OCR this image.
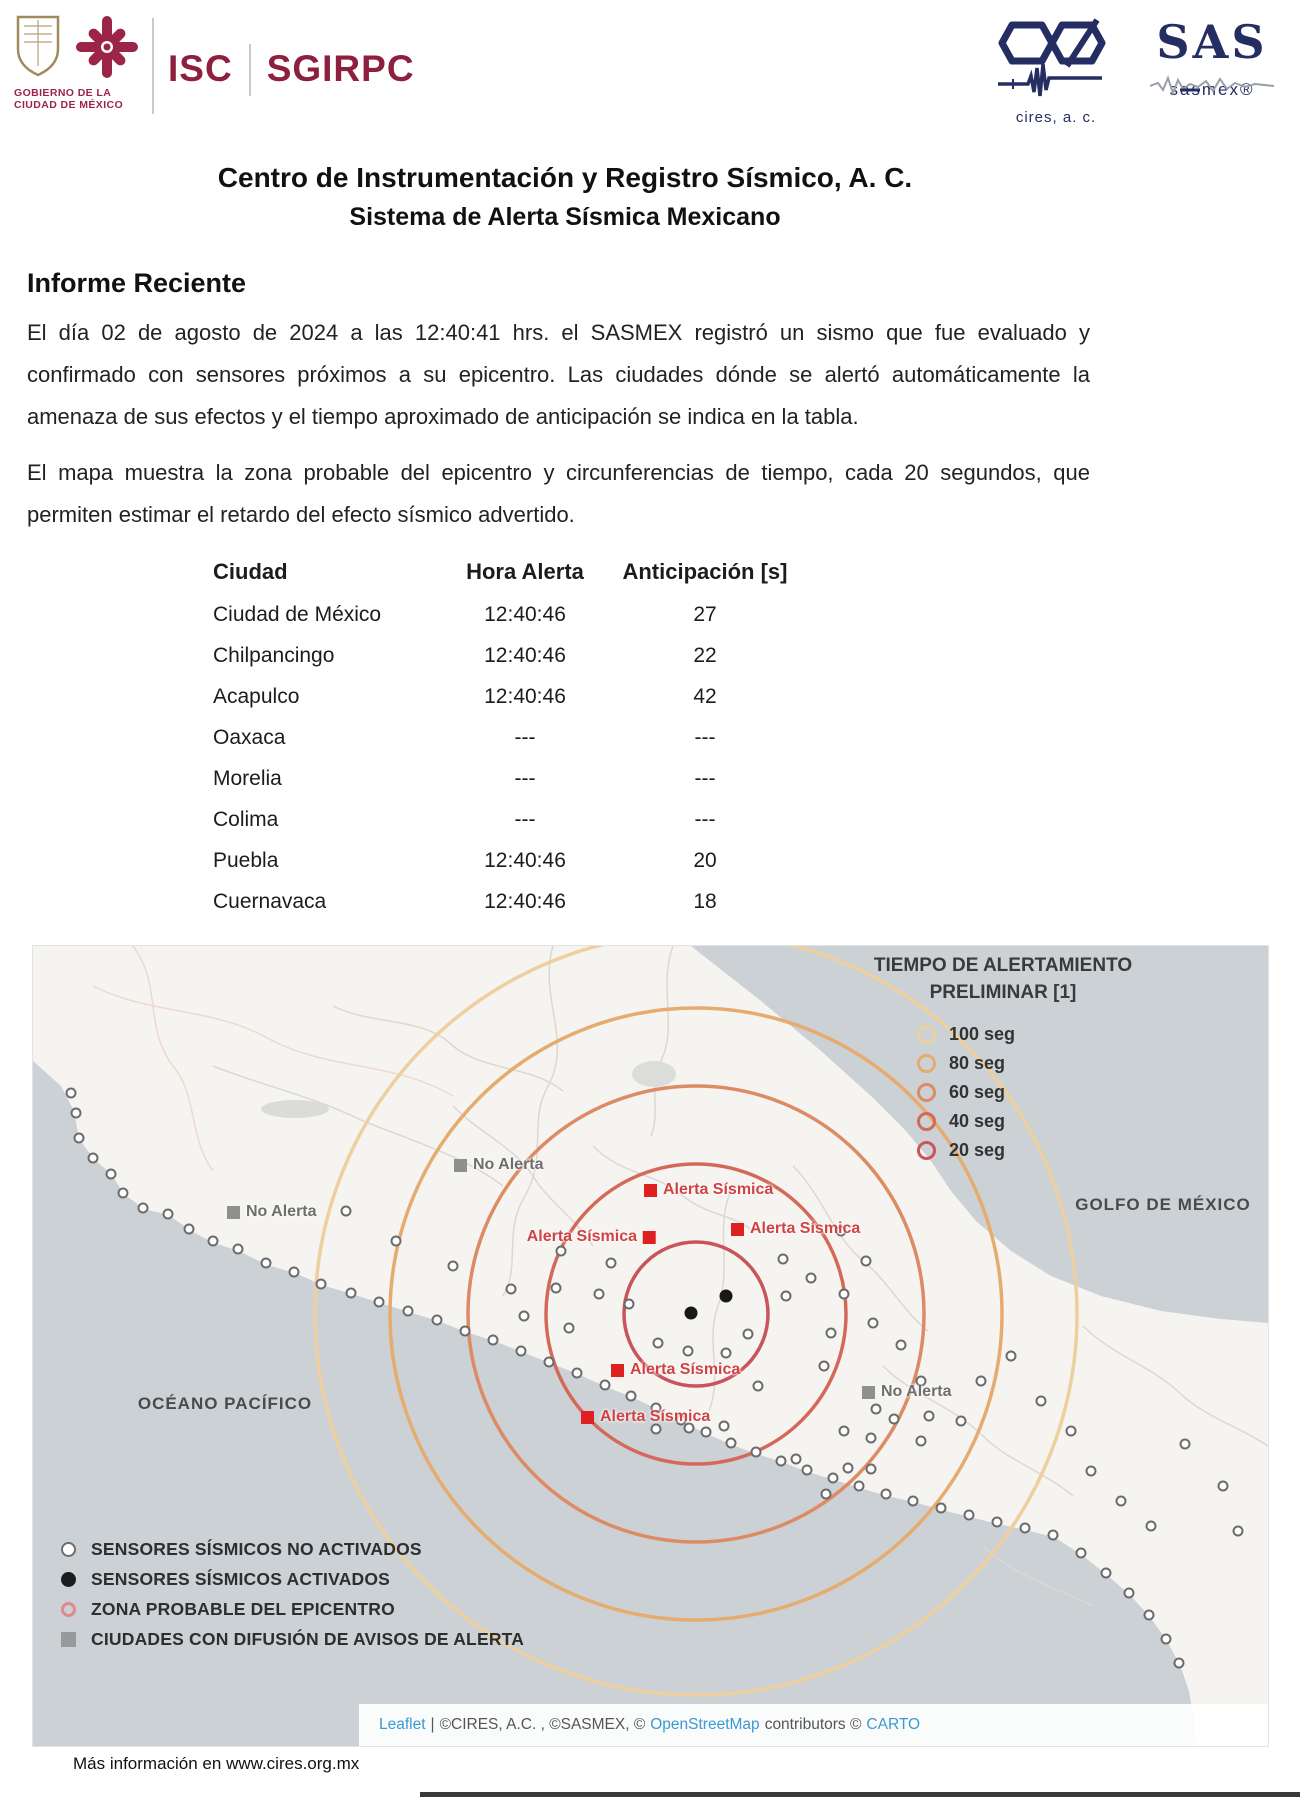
GOBIERNO DE LA
CIUDAD DE MÉXICO
ISC SGIRPC
cires, a. c.
SAS
sasmex®
Centro de Instrumentación y Registro Sísmico, A. C.
Sistema de Alerta Sísmica Mexicano
Informe Reciente

El día 02 de agosto de 2024 a las 12:40:41 hrs. el SASMEX registró un sismo que fue evaluado y confirmado con sensores próximos a su epicentro. Las ciudades dónde se alertó automáticamente la amenaza de sus efectos y el tiempo aproximado de anticipación se indica en la tabla.

El mapa muestra la zona probable del epicentro y circunferencias de tiempo, cada 20 segundos, que permiten estimar el retardo del efecto sísmico advertido.

Ciudad	Hora Alerta	Anticipación [s]
Ciudad de México	12:40:46	27
Chilpancingo	12:40:46	22
Acapulco	12:40:46	42
Oaxaca	---	---
Morelia	---	---
Colima	---	---
Puebla	12:40:46	20
Cuernavaca	12:40:46	18
TIEMPO DE ALERTAMIENTO
PRELIMINAR [1]
100 seg
80 seg
60 seg
40 seg
20 seg
GOLFO DE MÉXICO
OCÉANO PACÍFICO
No Alerta
No Alerta
No Alerta
Alerta Sísmica
Alerta Sísmica	Alerta Sísmica
Alerta Sísmica
Alerta Sísmica
SENSORES SÍSMICOS NO ACTIVADOS
SENSORES SÍSMICOS ACTIVADOS
ZONA PROBABLE DEL EPICENTRO
CIUDADES CON DIFUSIÓN DE AVISOS DE ALERTA
Leaflet | ©CIRES, A.C. , ©SASMEX, © OpenStreetMap contributors © CARTO
Más información en www.cires.org.mx
